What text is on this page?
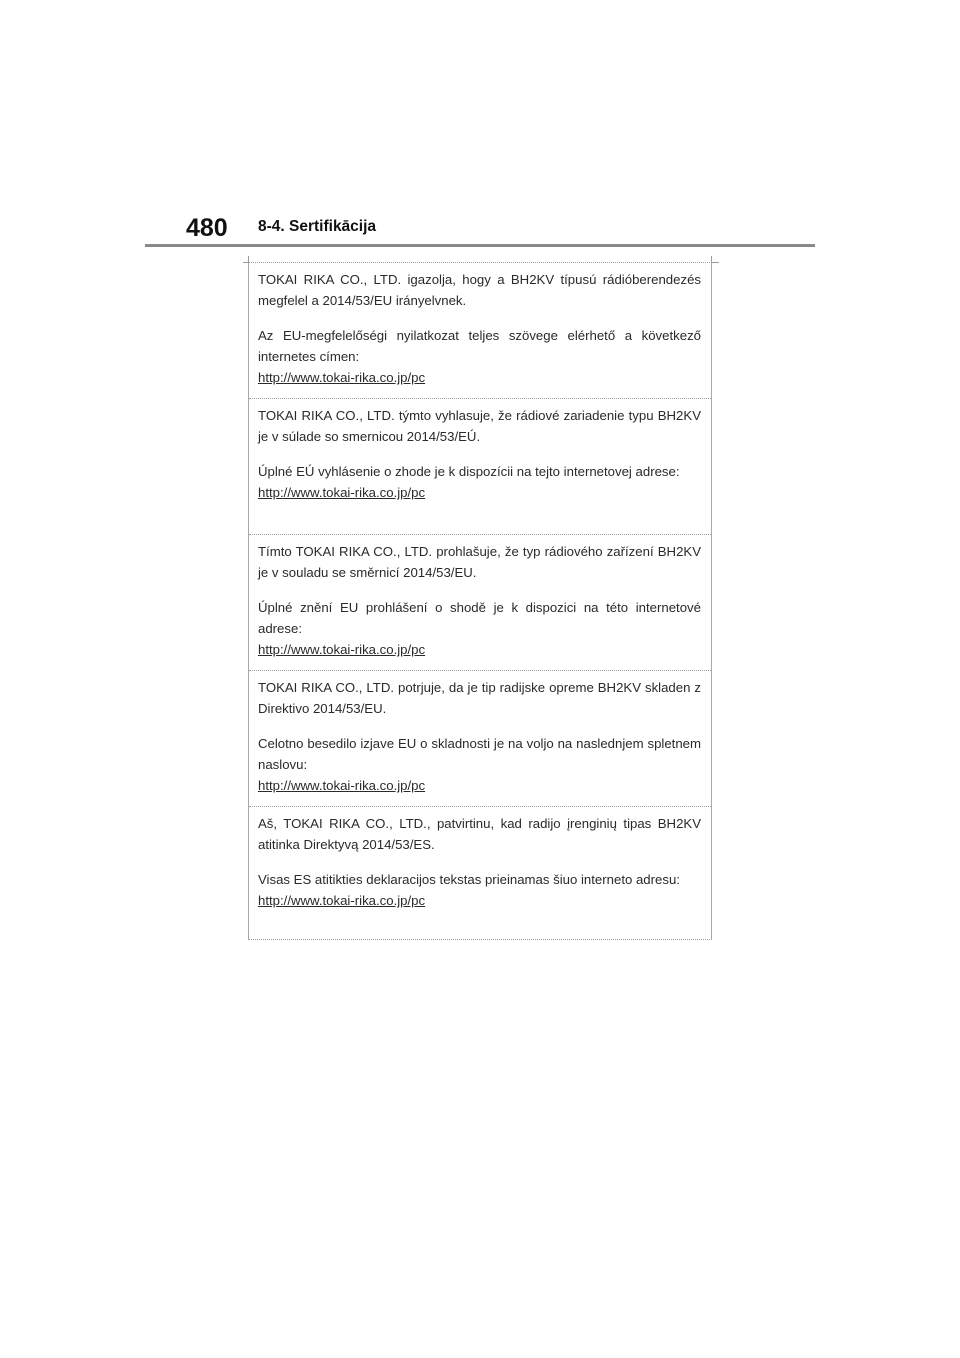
480 8-4. Sertifikācija

TOKAI RIKA CO., LTD. igazolja, hogy a BH2KV típusú rádióberendezés megfelel a 2014/53/EU irányelvnek.

Az EU-megfelelőségi nyilatkozat teljes szövege elérhető a következő internetes címen:

http://www.tokai-rika.co.jp/pc

TOKAI RIKA CO., LTD. týmto vyhlasuje, že rádiové zariadenie typu BH2KV je v súlade so smernicou 2014/53/EÚ.

Úplné EÚ vyhlásenie o zhode je k dispozícii na tejto internetovej adrese:

http://www.tokai-rika.co.jp/pc

Tímto TOKAI RIKA CO., LTD. prohlašuje, že typ rádiového zařízení BH2KV je v souladu se směrnicí 2014/53/EU.

Úplné znění EU prohlášení o shodě je k dispozici na této internetové adrese:

http://www.tokai-rika.co.jp/pc

TOKAI RIKA CO., LTD. potrjuje, da je tip radijske opreme BH2KV skladen z Direktivo 2014/53/EU.

Celotno besedilo izjave EU o skladnosti je na voljo na naslednjem spletnem naslovu:

http://www.tokai-rika.co.jp/pc

Aš, TOKAI RIKA CO., LTD., patvirtinu, kad radijo įrenginių tipas BH2KV atitinka Direktyvą 2014/53/ES.

Visas ES atitikties deklaracijos tekstas prieinamas šiuo interneto adresu:

http://www.tokai-rika.co.jp/pc
